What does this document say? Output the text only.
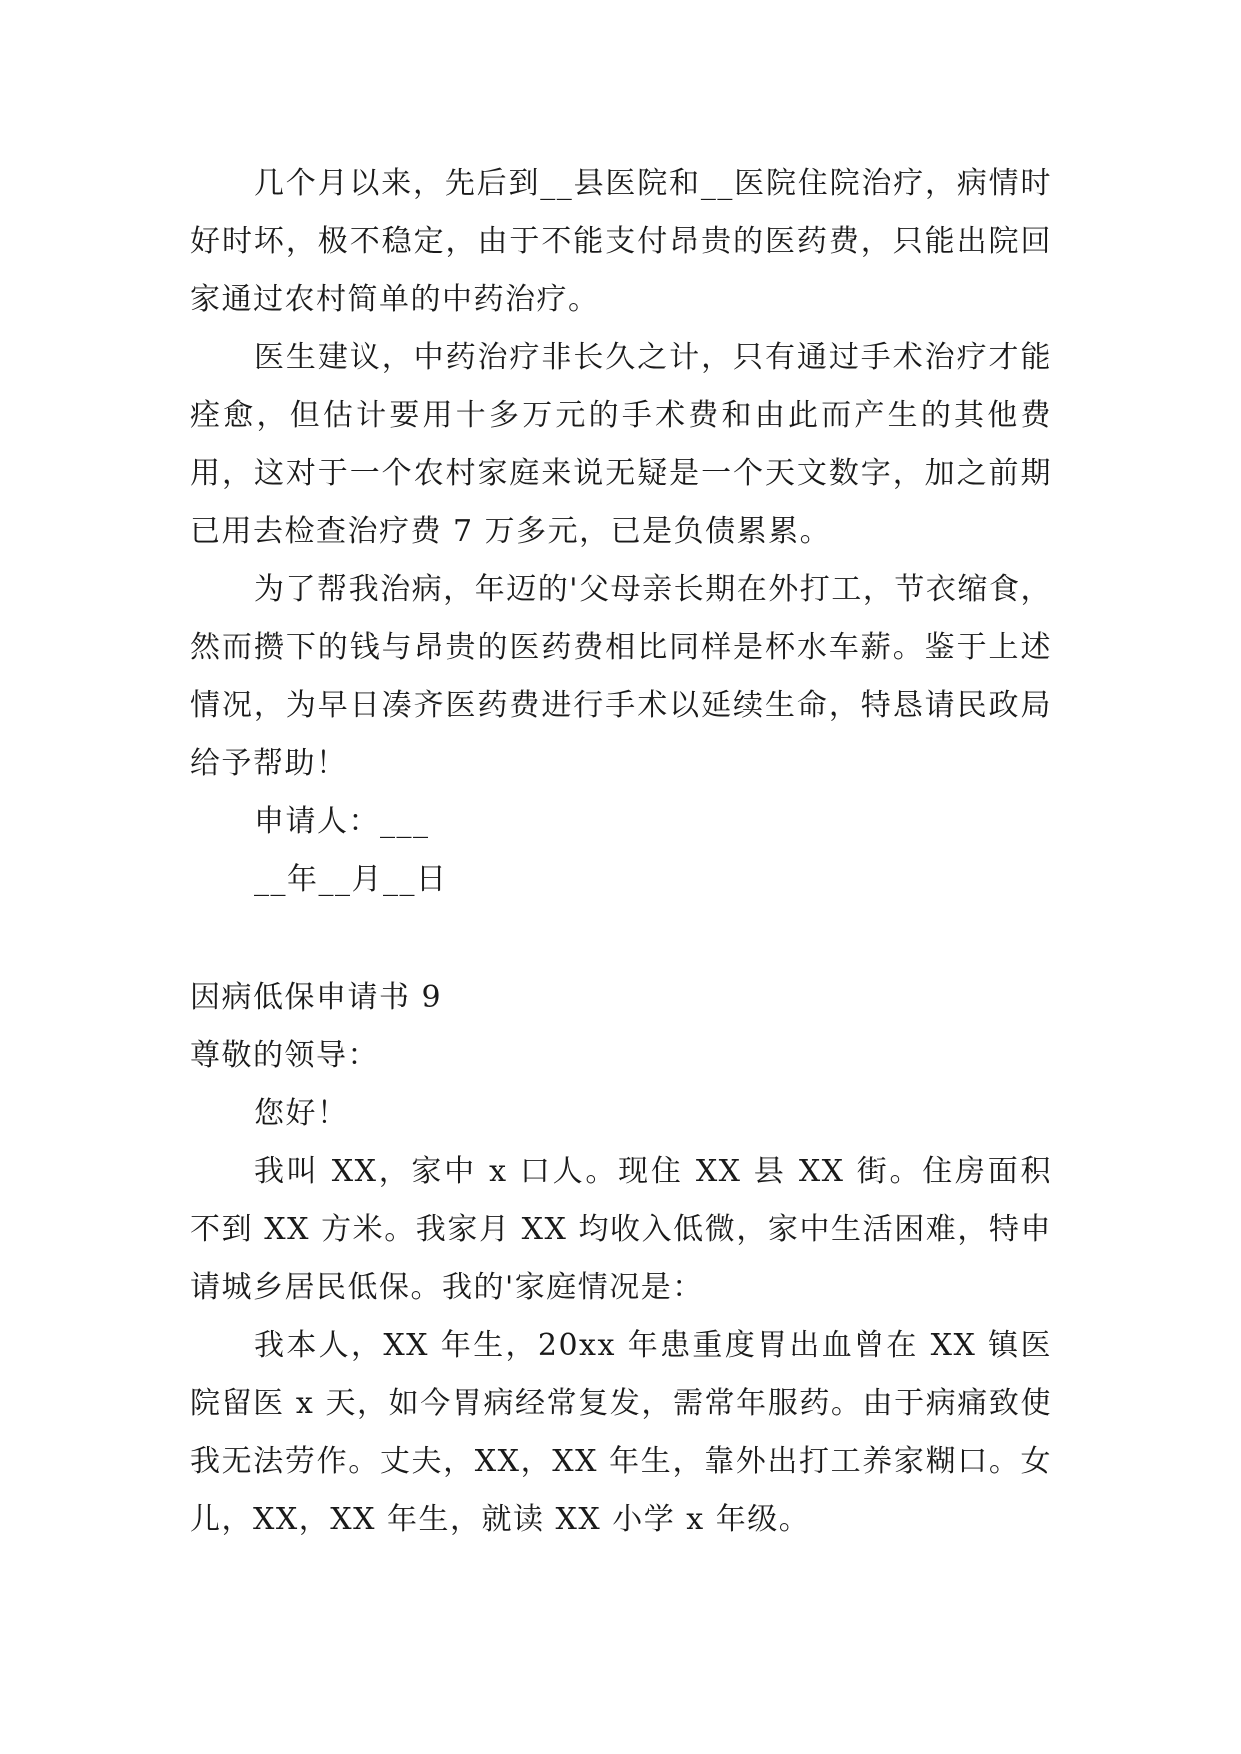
几个月以来，先后到__县医院和__医院住院治疗，病情时好时坏，极不稳定，由于不能支付昂贵的医药费，只能出院回家通过农村简单的中药治疗。

医生建议，中药治疗非长久之计，只有通过手术治疗才能痊愈，但估计要用十多万元的手术费和由此而产生的其他费用，这对于一个农村家庭来说无疑是一个天文数字，加之前期已用去检查治疗费 7 万多元，已是负债累累。

为了帮我治病，年迈的'父母亲长期在外打工，节衣缩食，然而攒下的钱与昂贵的医药费相比同样是杯水车薪。鉴于上述情况，为早日凑齐医药费进行手术以延续生命，特恳请民政局给予帮助！

申请人：___

__年__月__日

因病低保申请书 9

尊敬的领导：

您好！

我叫 XX，家中 x 口人。现住 XX 县 XX 街。住房面积不到 XX 方米。我家月 XX 均收入低微，家中生活困难，特申请城乡居民低保。我的'家庭情况是：

我本人，XX 年生，20xx 年患重度胃出血曾在 XX 镇医院留医 x 天，如今胃病经常复发，需常年服药。由于病痛致使我无法劳作。丈夫，XX，XX 年生，靠外出打工养家糊口。女儿，XX，XX 年生，就读 XX 小学 x 年级。
